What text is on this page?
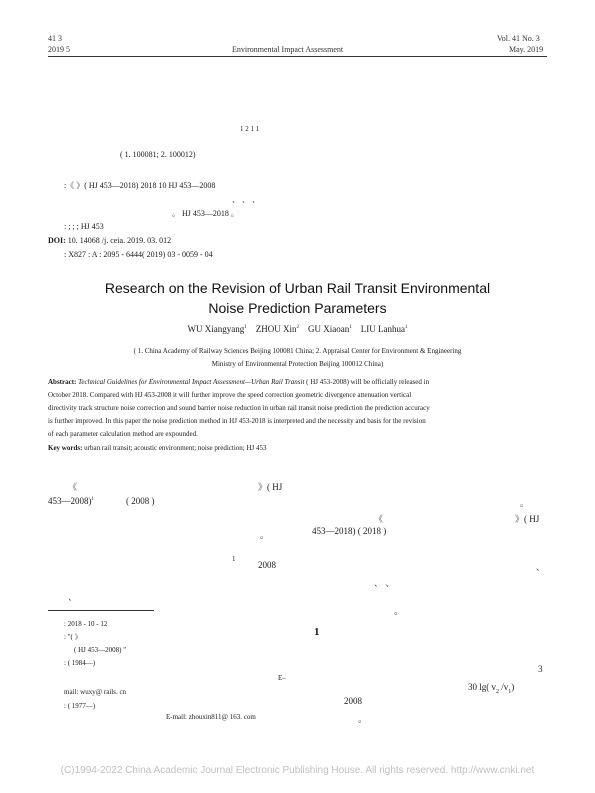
41 3
2019 5	Environmental Impact Assessment
Vol. 41 No. 3
May. 2019
1 2 1 1
( 1. 100081; 2. 100012)
:《 》( HJ 453—2018) 2018 10 HJ 453—2008
、 、 、
。 HJ 453—2018 。
: ; ; ; HJ 453
DOI: 10. 14068 /j. ceia. 2019. 03. 012
: X827 : A : 2095 - 6444( 2019) 03 - 0059 - 04
Research on the Revision of Urban Rail Transit Environmental
Noise Prediction Parameters
WU Xiangyang$^1$ ZHOU Xin$^2$ GU Xiaoan$^1$ LIU Lanhua$^1$
( 1. China Academy of Railway Sciences Beijing 100081 China; 2. Appraisal Center for Environment & Engineering
Ministry of Environmental Protection Beijing 100012 China)
Abstract: Technical Guidelines for Environmental Impact Assessment—Urban Rail Transit ( HJ 453-2008) will be officially released in
October 2018. Compared with HJ 453-2008 it will further improve the speed correction geometric divergence attenuation vertical
directivity track structure noise correction and sound barrier noise reduction in urban rail transit noise prediction the prediction accuracy
is further improved. In this paper the noise prediction method in HJ 453-2018 is interpreted and the necessity and basis for the revision
of each parameter calculation method are expounded.
Key words: urban rail transit; acoustic environment; noise prediction; HJ 453
《	》( HJ
453—2008)$^1$	( 2008 )	。
《	》( HJ
。	453—2018) ( 2018 )
1
2008	、
、 、
、
。
: 2018 - 10 - 12
: "( 》
( HJ 453—2008) "
: ( 1984—)
E–
mail: wuxy@ rails. cn
: ( 1977—)
E-mail: zhouxin811@ 163. com
1
3
30 lg( $v_2$ $/v_1$)
2008
。
(C)1994-2022 China Academic Journal Electronic Publishing House. All rights reserved. http://www.cnki.net
